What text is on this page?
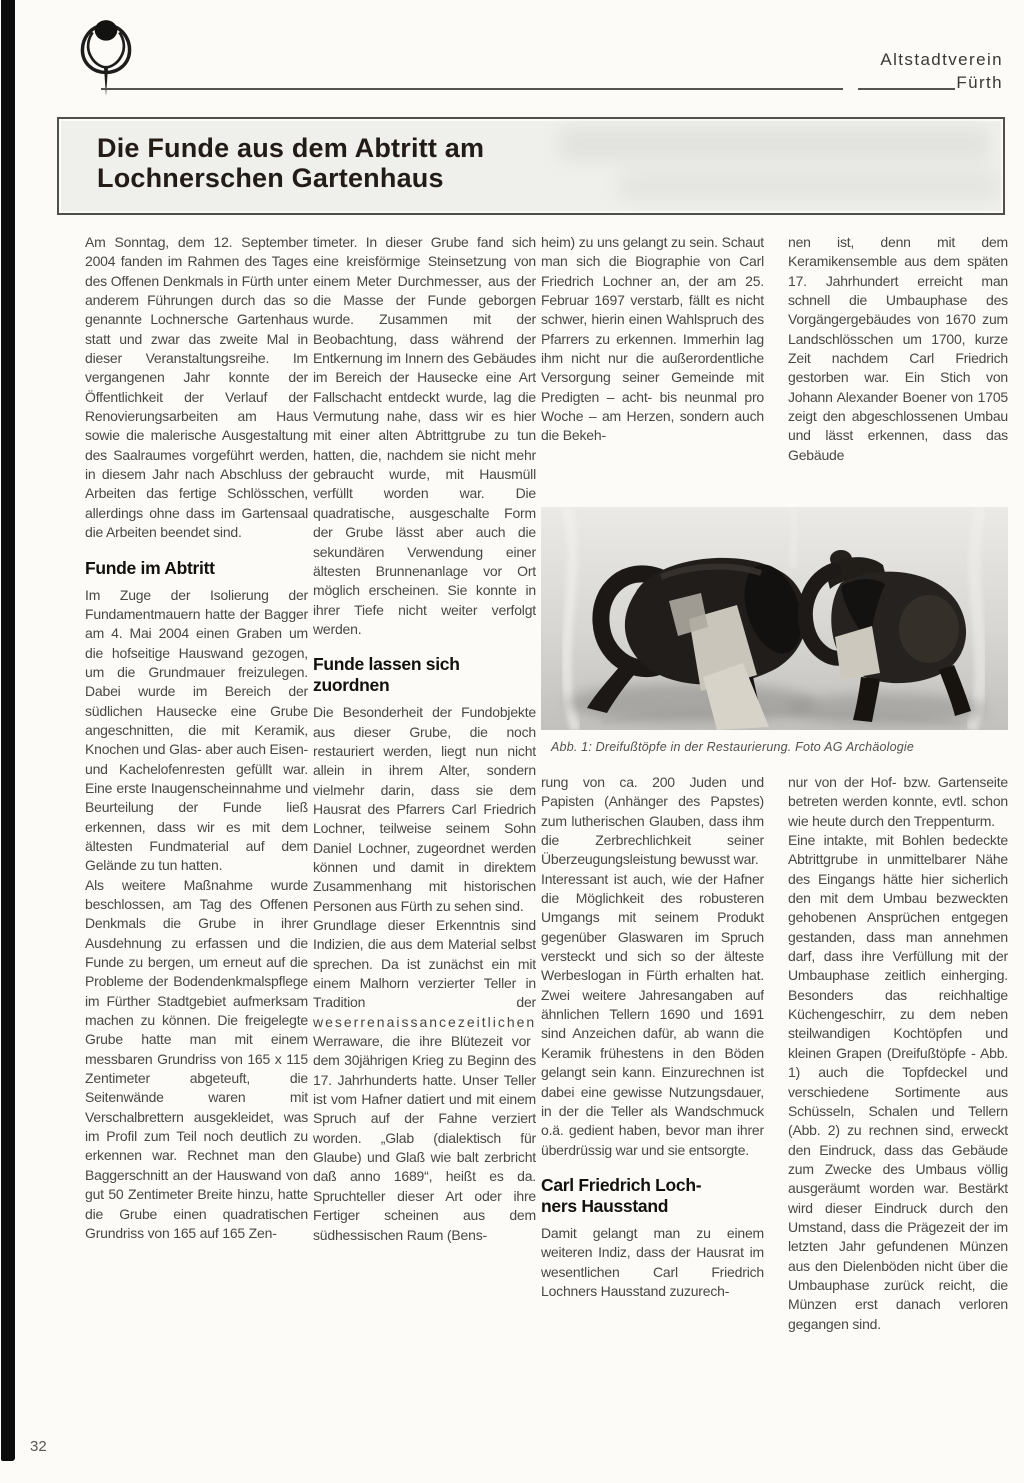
Altstadtverein
Fürth
Die Funde aus dem Abtritt am
Lochnerschen Gartenhaus

Am Sonntag, dem 12. September 2004 fanden im Rahmen des Tages des Offenen Denkmals in Fürth unter anderem Führungen durch das so genannte Lochnersche Gartenhaus statt und zwar das zweite Mal in dieser Veranstaltungsreihe. Im vergangenen Jahr konnte der Öffentlichkeit der Verlauf der Renovierungsarbeiten am Haus sowie die malerische Ausgestaltung des Saalraumes vorgeführt werden, in diesem Jahr nach Abschluss der Arbeiten das fertige Schlösschen, allerdings ohne dass im Gartensaal die Arbeiten beendet sind.

Funde im Abtritt

Im Zuge der Isolierung der Fundamentmauern hatte der Bagger am 4. Mai 2004 einen Graben um die hofseitige Hauswand gezogen, um die Grundmauer freizulegen. Dabei wurde im Bereich der südlichen Hausecke eine Grube angeschnitten, die mit Keramik, Knochen und Glas- aber auch Eisen- und Kachelofenresten gefüllt war. Eine erste Inaugenscheinnahme und Beurteilung der Funde ließ erkennen, dass wir es mit dem ältesten Fundmaterial auf dem Gelände zu tun hatten.

Als weitere Maßnahme wurde beschlossen, am Tag des Offenen Denkmals die Grube in ihrer Ausdehnung zu erfassen und die Funde zu bergen, um erneut auf die Probleme der Bodendenkmalspflege im Fürther Stadtgebiet aufmerksam machen zu können. Die freigelegte Grube hatte man mit einem messbaren Grundriss von 165 x 115 Zentimeter abgeteuft, die Seitenwände waren mit Verschalbrettern ausgekleidet, was im Profil zum Teil noch deutlich zu erkennen war. Rechnet man den Baggerschnitt an der Hauswand von gut 50 Zentimeter Breite hinzu, hatte die Grube einen quadratischen Grundriss von 165 auf 165 Zen-

timeter. In dieser Grube fand sich eine kreisförmige Steinsetzung von einem Meter Durchmesser, aus der die Masse der Funde geborgen wurde. Zusammen mit der Beobachtung, dass während der Entkernung im Innern des Gebäudes im Bereich der Hausecke eine Art Fallschacht entdeckt wurde, lag die Vermutung nahe, dass wir es hier mit einer alten Abtrittgrube zu tun hatten, die, nachdem sie nicht mehr gebraucht wurde, mit Hausmüll verfüllt worden war. Die quadratische, ausgeschalte Form der Grube lässt aber auch die sekundären Verwendung einer ältesten Brunnenanlage vor Ort möglich erscheinen. Sie konnte in ihrer Tiefe nicht weiter verfolgt werden.

Funde lassen sich
zuordnen

Die Besonderheit der Fundobjekte aus dieser Grube, die noch restauriert werden, liegt nun nicht allein in ihrem Alter, sondern vielmehr darin, dass sie dem Hausrat des Pfarrers Carl Friedrich Lochner, teilweise seinem Sohn Daniel Lochner, zugeordnet werden können und damit in direktem Zusammenhang mit historischen Personen aus Fürth zu sehen sind.

Grundlage dieser Erkenntnis sind Indizien, die aus dem Material selbst sprechen. Da ist zunächst ein mit einem Malhorn verzierter Teller in Tradition der weserrenaissancezeitlichen Werraware, die ihre Blütezeit vor dem 30jährigen Krieg zu Beginn des 17. Jahrhunderts hatte. Unser Teller ist vom Hafner datiert und mit einem Spruch auf der Fahne verziert worden. „Glab (dialektisch für Glaube) und Glaß wie balt zerbricht daß anno 1689“, heißt es da. Spruchteller dieser Art oder ihre Fertiger scheinen aus dem südhessischen Raum (Bens-

heim) zu uns gelangt zu sein. Schaut man sich die Biographie von Carl Friedrich Lochner an, der am 25. Februar 1697 verstarb, fällt es nicht schwer, hierin einen Wahlspruch des Pfarrers zu erkennen. Immerhin lag ihm nicht nur die außerordentliche Versorgung seiner Gemeinde mit Predigten – acht- bis neunmal pro Woche – am Herzen, sondern auch die Bekeh-

nen ist, denn mit dem Keramikensemble aus dem späten 17. Jahrhundert erreicht man schnell die Umbauphase des Vorgängergebäudes von 1670 zum Landschlösschen um 1700, kurze Zeit nachdem Carl Friedrich gestorben war. Ein Stich von Johann Alexander Boener von 1705 zeigt den abgeschlossenen Umbau und lässt erkennen, dass das Gebäude

Abb. 1: Dreifußtöpfe in der Restaurierung. Foto AG Archäologie

rung von ca. 200 Juden und Papisten (Anhänger des Papstes) zum lutherischen Glauben, dass ihm die Zerbrechlichkeit seiner Überzeugungsleistung bewusst war.

Interessant ist auch, wie der Hafner die Möglichkeit des robusteren Umgangs mit seinem Produkt gegenüber Glaswaren im Spruch versteckt und sich so der älteste Werbeslogan in Fürth erhalten hat. Zwei weitere Jahresangaben auf ähnlichen Tellern 1690 und 1691 sind Anzeichen dafür, ab wann die Keramik frühestens in den Böden gelangt sein kann. Einzurechnen ist dabei eine gewisse Nutzungsdauer, in der die Teller als Wandschmuck o.ä. gedient haben, bevor man ihrer überdrüssig war und sie entsorgte.

Carl Friedrich Loch-
ners Hausstand

Damit gelangt man zu einem weiteren Indiz, dass der Hausrat im wesentlichen Carl Friedrich Lochners Hausstand zuzurech-

nur von der Hof- bzw. Gartenseite betreten werden konnte, evtl. schon wie heute durch den Treppenturm.

Eine intakte, mit Bohlen bedeckte Abtrittgrube in unmittelbarer Nähe des Eingangs hätte hier sicherlich den mit dem Umbau bezweckten gehobenen Ansprüchen entgegen gestanden, dass man annehmen darf, dass ihre Verfüllung mit der Umbauphase zeitlich einherging. Besonders das reichhaltige Küchengeschirr, zu dem neben steilwandigen Kochtöpfen und kleinen Grapen (Dreifußtöpfe - Abb. 1) auch die Topfdeckel und verschiedene Sortimente aus Schüsseln, Schalen und Tellern (Abb. 2) zu rechnen sind, erweckt den Eindruck, dass das Gebäude zum Zwecke des Umbaus völlig ausgeräumt worden war. Bestärkt wird dieser Eindruck durch den Umstand, dass die Prägezeit der im letzten Jahr gefundenen Münzen aus den Dielenböden nicht über die Umbauphase zurück reicht, die Münzen erst danach verloren gegangen sind.

32
